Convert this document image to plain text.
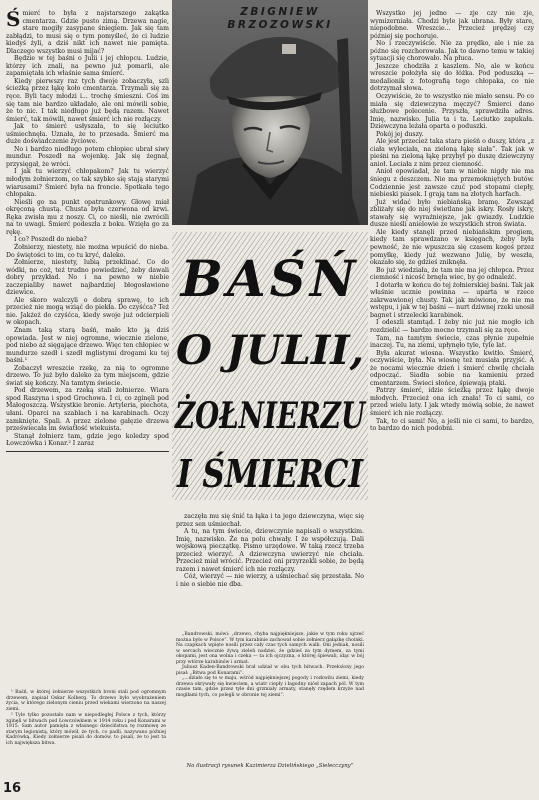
Śmierć to była z najstarszego zakątka cmentarza. Gdzie pusto zimą. Drzewa nagie, stare mogiły zasypane śniegiem. Jak się tam zabłądzi, to musi się o tym pomyśleć, że ci ludzie kiedyś żyli, a dziś nikt ich nawet nie pamięta. Dlaczego wszystko musi mijać?

Będzie w tej baśni o Julii i jej chłopcu. Ludzie, którzy ich znali, na pewno już pomarli, ale zapamiętała ich właśnie sama śmierć.

Kiedy pierwszy raz tych dwoje zobaczyła, szli ścieżką przez łąkę koło cmentarza. Trzymali się za ręce. Byli tacy młodzi i... trochę śmieszni. Coś im się tam nie bardzo układało, ale oni mówili sobie, że to nic. I tak niedługo już będą razem. Nawet śmierć, tak mówili, nawet śmierć ich nie rozłączy.

Jak to śmierć usłyszała, to się leciutko uśmiechnęła. Uznała, że to przesada. Śmierć ma duże doświadczenie życiowe.

No i bardzo niedługo potem chłopiec ubrał siwy mundur. Poszedł na wojenkę. Jak się żegnał, przysięgał, że wróci.

I jak tu wierzyć chłopakom? Jak tu wierzyć młodym żołnierzom, co tak szybko się stają starymi wiarusami? Śmierć była na froncie. Spotkała tego chłopaka.

Nieśli go na punkt opatrunkowy. Głowę miał okręconą chustą. Chusta była czerwona od krwi. Ręka zwisła mu z noszy. Ci, co nieśli, nie zwrócili na to uwagi. Śmierć podeszła z boku. Wzięła go za rękę.

I co? Poszedł do nieba?

Żołnierzy, niestety, nie można wpuścić do nieba. Do świętości to im, co tu kryć, daleko.

Żołnierze, niestety, lubią przeklinać. Co do wódki, no coż, też trudno powiedzieć, żeby dawali dobry przykład. No i na pewno w niebie zaczepialiby nawet najbardziej błogosławione dziewice.

Ale skoro walczyli o dobrą sprawę, to ich przecież nie mogą wziąć do piekła. Do czyśćca? Też nie. Jakżeż do czyśćca, kiedy swoje już odcierpieli w okopach.

Znam taką starą baśń, mało kto ją dziś opowiada. Jest w niej ogromne, wiecznie zielone, pod niebo aż sięgające drzewo. Więc ten chłopiec w mundurze szedł i szedł mglistymi drogami ku tej baśni.¹

Zobaczył wreszcie rzekę, za nią to ogromne drzewo. To już było daleko za tym miejscem, gdzie świat się kończy. Na tamtym świecie.

Pod drzewem, za rzeką stali żołnierze. Wiara spod Raszyna i spod Grochowa. I ci, co zginęli pod Małogoszczą. Wszystkie bronie. Artyleria, piechota, ułani. Oparci na szablach i na karabinach. Oczy zamknięte. Spali. A przez zielone gałęzie drzewa przeświecała im światłość wiekuista.

Stanął żołnierz tam, gdzie jego koledzy spod Łowczówka i Konar.² I zaraz

¹ Baśń, w której żołnierze wszystkich broni stali pod ogromnym drzewem, zapisał Oskar Kolberg. To drzewo było wyobrażeniem życia, w którego zielonym cieniu przed wiekami wierzono na naszej ziemi.

² Tyle tylko pozostało nam w niepodległej Polsce z tych, którzy zginęli w bitwach pod Łowczówkiem w 1914 roku i pod Konarami w 1915. Sam autor pamięta z własnego dzieciństwa tę rozmowę ze starym legionistą, który mówił, że tych, co padli, nazywano później Kadrówką. Kiedy żołnierze pisali do domów, to pisali, że to jest ta ich największa bitwa.

16
ZBIGNIEW
BRZOZOWSKI
BAŚŃ
O JULII,
ŻOŁNIER
I ŚMIERCI

zaczęła mu się śnić ta łąka i ta jego dziewczyna, więc się przez sen uśmiechał.

A tu, na tym świecie, dziewczynie napisali o wszystkim. Imię, nazwisko. Że na polu chwały. I że współczują. Dali wojskową pieczątkę. Pismo urzędowe. W taką rzecz trzeba przecież wierzyć. A dziewczyna uwierzyć nie chciała. Przecież miał wrócić. Przecież oni przyrzekli sobie, że będą razem i nawet śmierć ich nie rozłączy.

Cóż, wierzyć — nie wierzy, a uśmiechać się przestała. No i nie o siebie nie dba.

„Bandrowski, mówi: „drzewo, chyba najpiękniejsze, jakie w tym roku ujrzeć można było w Polsce”. W tym karabinie zachował sobie żołnierz gałązkę choinki. Na czapkach wpięte nosili przez cały czas tych samych walk. Oni jednak, nosili w sercach wiecznie żywą zieleń nadziei, że gdzieś za tym dymem, za tymi okopami, jest ona wolna i czeka — ta ich ojczyzna, o której śpiewali, idąc w bój przy wtórze karabinów i armat.

Juliusz Kaden-Bandrowski brał udział w obu tych bitwach. Przełożony jego pisał: „Bitwa pod Konarami”.

„...działo się to w maju, wśród najpiękniejszej pogody i rozkwitu ziemi, kiedy drzewa okrywały się kwieciem, a wiatr ciepły i łagodny niósł zapach pól. W tym czasie tam, gdzie przez tyle dni grzmiały armaty, stanęły rzędem krzyże nad mogiłami tych, co polegli w obronie tej ziemi”.

Na ilustracji rysunek Kazimierza Dzielińskiego „Sielecczyny”

Wszystko jej jedno — zje czy nie zje, wymizerniała. Chodzi byle jak ubrana. Były stare, niepodobne. Wreszcie... Przecież prędzej czy później się pochoruje.

No i rzeczywiście. Nie za prędko, ale i nie za późno się rozchorowała. Jak to dawno temu w takiej sytuacji się chorowało. Na płuca.

Jeszcze chodziła z kaszlem. No, ale w końcu wreszcie położyła się do łóżka. Pod poduszką — medalionik z fotografią tego chłopaka, co nie dotrzymał słowa.

Oczywiście, że to wszystko nie miało sensu. Po co miała się dziewczyna męczyć? Śmierci dano służbowe polecenie. Przyszła, sprawdziła adres. Imię, nazwisko. Julia ta i ta. Leciutko zapukała. Dziewczyna leżała oparta o poduszki.

Pokój jej duszy.

Ale jest przecież taka stara pieśń o duszy, która „z ciała wyleciała, na zieloną łąkę siała”. Tak jak w pieśni na zieloną łąkę przybył po duszę dziewczyny anioł. Leciała z nim przez ciemność.

Anioł opowiadał, że tam w niebie nigdy nie ma śniegu z deszczem. Nie ma przemokniętych butów. Codziennie jest zawsze czuć pod stopami ciepły, niebieski piasek. I grają tam na złotych harfach.

Już widać było niebiańską bramę. Zewsząd zbliżały się do niej świetlane jak iskry. Rosły iskry, stawały się wyraźniejsze, jak gwiazdy. Ludzkie dusze nieśli anielowie ze wszystkich stron świata.

Ale kiedy stanęli przed niebiańskim progiem, kiedy tam sprawdzano w księgach, żeby była pewność, że nie wpuszcza się czasem kogoś przez pomyłkę, kiedy już wezwano Julię, by weszła, okazało się, że gdzieś zniknęła.

Bo już wiedziała, że tam nie ma jej chłopca. Przez ciemność i nicość brnęła wiec, by go odnaleźć.

I dotarła w końcu do tej żołnierskiej baśni. Tak jak właśnie ucznie powinna — uparta w rzece zakrwawionej chusty. Tak jak mówiono, że nie ma wstępu, i jak w tej baśni — nurt dziwnej rzeki unosił bagnet i strzelecki karabinek.

I odeszli stamtąd. I żeby nic już nie mogło ich rozdzielić — bardzo mocno trzymali się za ręce.

Tam, na tamtym świecie, czas płynie zupełnie inaczej. Tu, na ziemi, upłynęło tyle, tyle lat.

Była akurat wiosna. Wszystko kwitło. Śmierć, oczywiście, była. Na wiosnę też musiała przyjść. A że nocami wiecznie dzień i śmierć chwilę chciała odpocząć. Siadła sobie na kamieniu przed cmentarzem. Świeci słońce, śpiewają ptaki.

Patrzy śmierć, idzie ścieżką przez łąkę dwoje młodych. Przecież ona ich znała! To ci sami, co przed wielu laty. I jak wtedy mówią sobie, że nawet śmierć ich nie rozłączy.

Tak, to ci sami! No, a jeśli nie ci sami, to bardzo, to bardzo do nich podobni.
